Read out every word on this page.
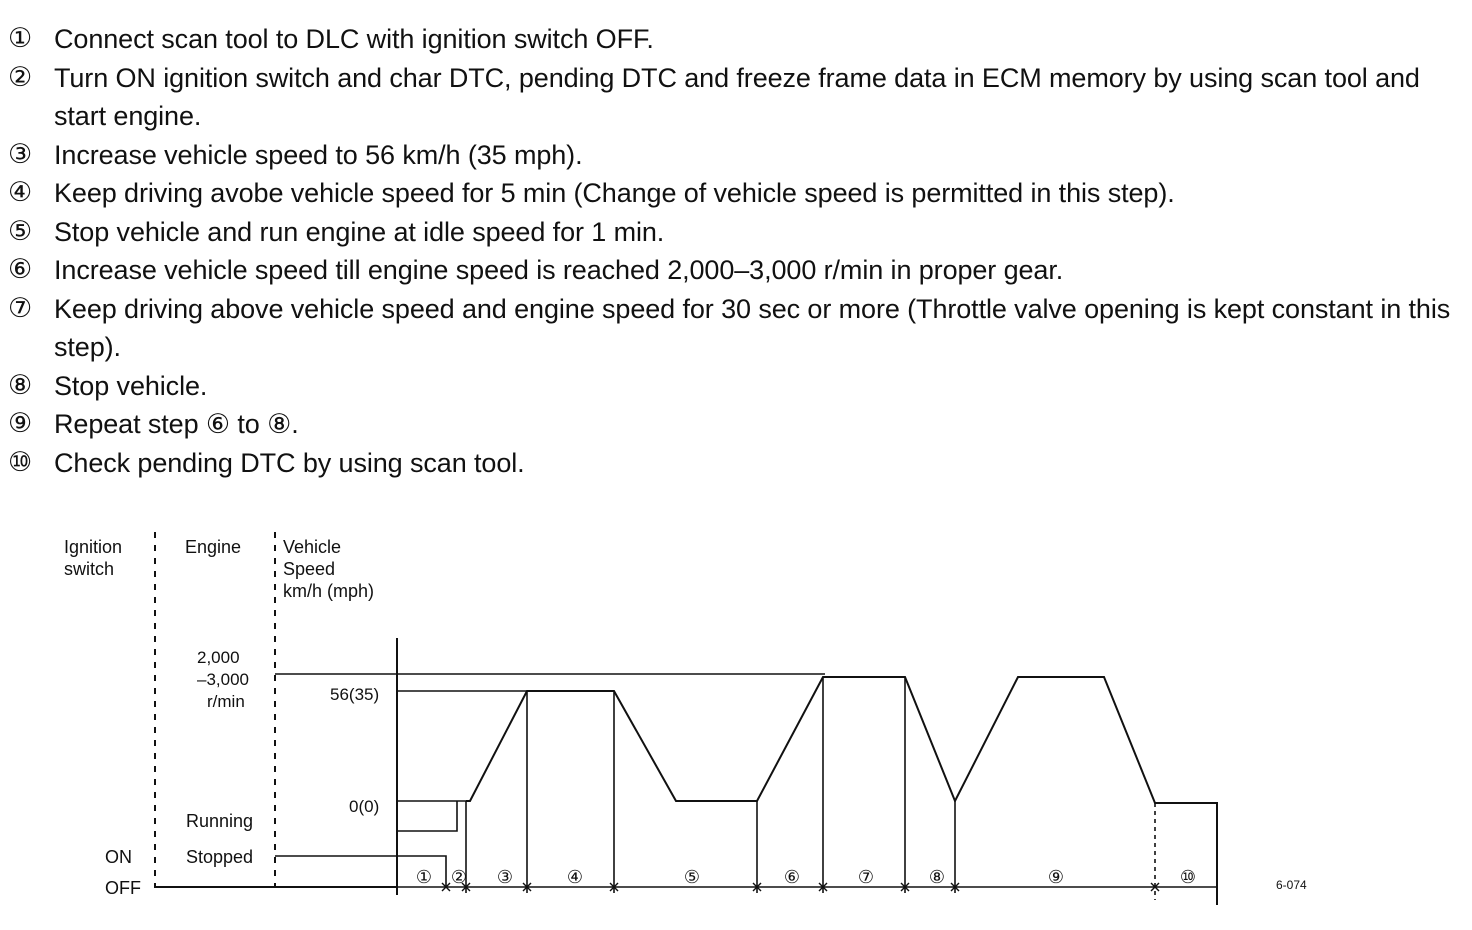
① Connect scan tool to DLC with ignition switch OFF.
② Turn ON ignition switch and char DTC, pending DTC and freeze frame data in ECM memory by using scan tool and start engine.
③ Increase vehicle speed to 56 km/h (35 mph).
④ Keep driving avobe vehicle speed for 5 min (Change of vehicle speed is permitted in this step).
⑤ Stop vehicle and run engine at idle speed for 1 min.
⑥ Increase vehicle speed till engine speed is reached 2,000–3,000 r/min in proper gear.
⑦ Keep driving above vehicle speed and engine speed for 30 sec or more (Throttle valve opening is kept constant in this step).
⑧ Stop vehicle.
⑨ Repeat step ⑥ to ⑧.
⑩ Check pending DTC by using scan tool.
Ignition
switch
Engine Vehicle
Speed
km/h (mph)
2,000
–3,000
r/min	56(35)
0(0)
Running
Stopped
ON
OFF	① ② ③	④	⑤	⑥	⑦	⑧	⑨	⑩	6-074
